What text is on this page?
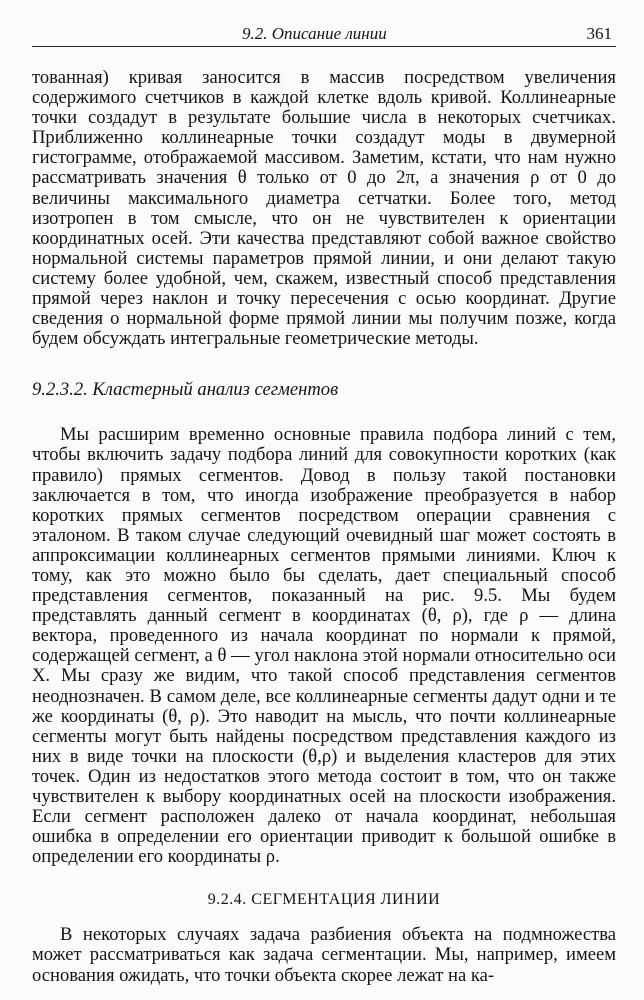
9.2. Описание линии	361

тованная) кривая заносится в массив посредством увеличения содержимого счетчиков в каждой клетке вдоль кривой. Коллинеарные точки создадут в результате большие числа в некоторых счетчиках. Приближенно коллинеарные точки создадут моды в двумерной гистограмме, отображаемой массивом. Заметим, кстати, что нам нужно рассматривать значения θ только от 0 до 2π, а значения ρ от 0 до величины максимального диаметра сетчатки. Более того, метод изотропен в том смысле, что он не чувствителен к ориентации координатных осей. Эти качества представляют собой важное свойство нормальной системы параметров прямой линии, и они делают такую систему более удобной, чем, скажем, известный способ представления прямой через наклон и точку пересечения с осью координат. Другие сведения о нормальной форме прямой линии мы получим позже, когда будем обсуждать интегральные геометрические методы.

9.2.3.2. Кластерный анализ сегментов

Мы расширим временно основные правила подбора линий с тем, чтобы включить задачу подбора линий для совокупности коротких (как правило) прямых сегментов. Довод в пользу такой постановки заключается в том, что иногда изображение преобразуется в набор коротких прямых сегментов посредством операции сравнения с эталоном. В таком случае следующий очевидный шаг может состоять в аппроксимации коллинеарных сегментов прямыми линиями. Ключ к тому, как это можно было бы сделать, дает специальный способ представления сегментов, показанный на рис. 9.5. Мы будем представлять данный сегмент в координатах (θ, ρ), где ρ — длина вектора, проведенного из начала координат по нормали к прямой, содержащей сегмент, а θ — угол наклона этой нормали относительно оси X. Мы сразу же видим, что такой способ представления сегментов неоднозначен. В самом деле, все коллинеарные сегменты дадут одни и те же координаты (θ, ρ). Это наводит на мысль, что почти коллинеарные сегменты могут быть найдены посредством представления каждого из них в виде точки на плоскости (θ,ρ) и выделения кластеров для этих точек. Один из недостатков этого метода состоит в том, что он также чувствителен к выбору координатных осей на плоскости изображения. Если сегмент расположен далеко от начала координат, небольшая ошибка в определении его ориентации приводит к большой ошибке в определении его координаты ρ.

9.2.4. СЕГМЕНТАЦИЯ ЛИНИИ

В некоторых случаях задача разбиения объекта на подмножества может рассматриваться как задача сегментации. Мы, например, имеем основания ожидать, что точки объекта скорее лежат на ка-
